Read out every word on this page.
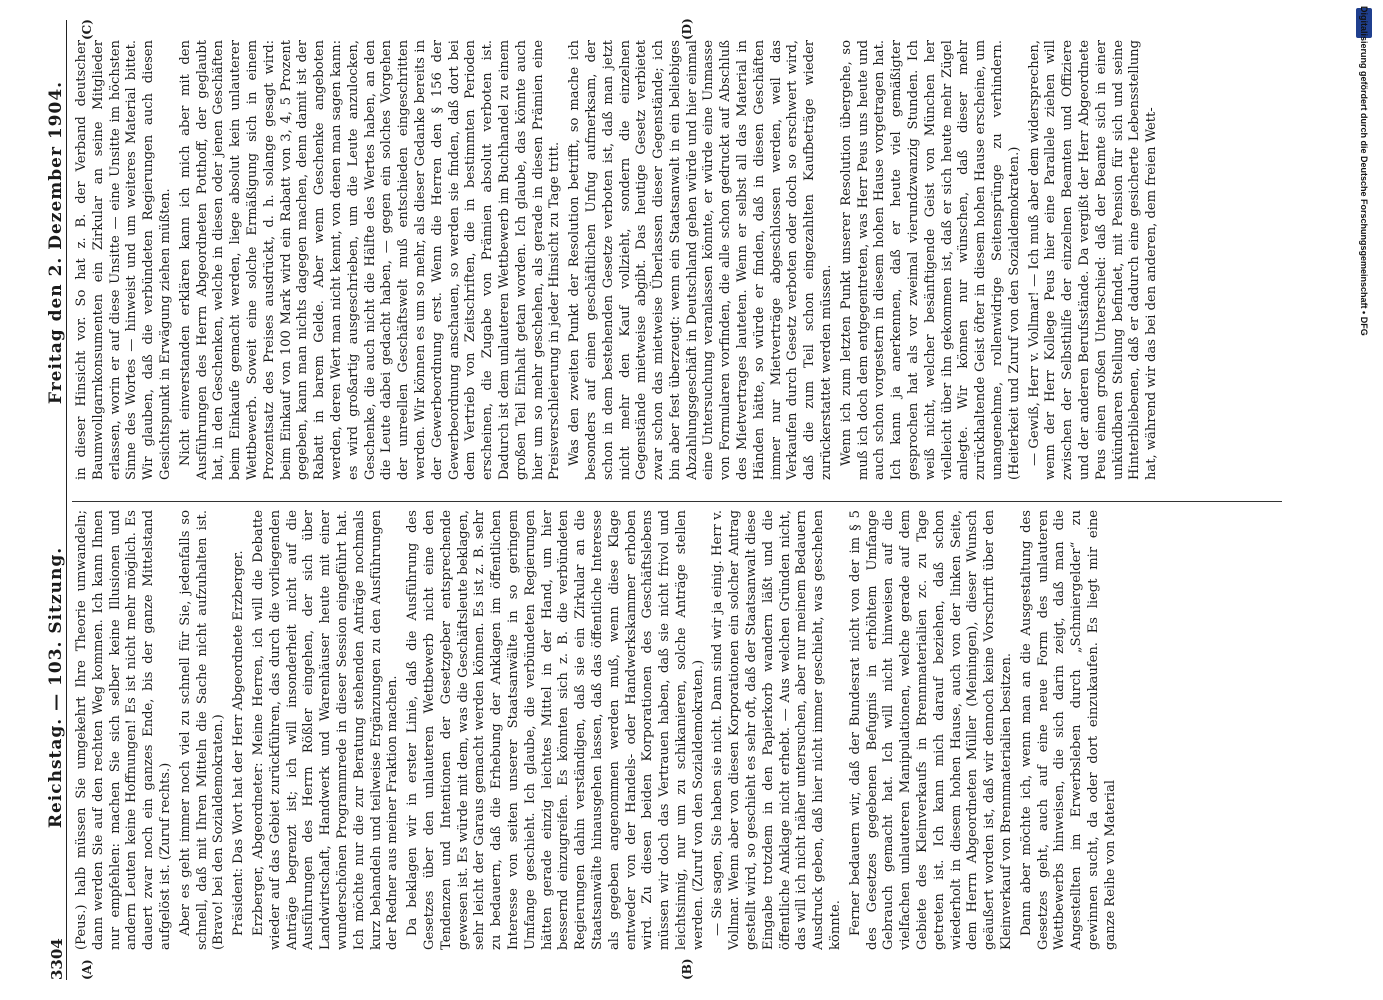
3304
Reichstag. — 103. Sitzung.
Freitag den 2. Dezember 1904.
(A)	(B)
(C)	(D)

(Peus.) halb müssen Sie umgekehrt Ihre Theorie umwandeln; dann werden Sie auf den rechten Weg kommen. Ich kann Ihnen nur empfehlen: machen Sie sich selber keine Illusionen und andern Leuten keine Hoffnungen! Es ist nicht mehr möglich. Es dauert zwar noch ein ganzes Ende, bis der ganze Mittelstand aufgelöst ist. (Zuruf rechts.) Aber es geht immer noch viel zu schnell für Sie, jedenfalls so schnell, daß mit Ihren Mitteln die Sache nicht aufzuhalten ist. (Bravo! bei den Sozialdemokraten.) Präsident: Das Wort hat der Herr Abgeordnete Erzberger. Erzberger, Abgeordneter: Meine Herren, ich will die Debatte wieder auf das Gebiet zurückführen, das durch die vorliegenden Anträge begrenzt ist; ich will insonderheit nicht auf die Ausführungen des Herrn Rößler eingehen, der sich über Landwirtschaft, Handwerk und Warenhäuser heute mit einer wunderschönen Programmrede in dieser Session eingeführt hat. Ich möchte nur die zur Beratung stehenden Anträge nochmals kurz behandeln und teilweise Ergänzungen zu den Ausführungen der Redner aus meiner Fraktion machen. Da beklagen wir in erster Linie, daß die Ausführung des Gesetzes über den unlauteren Wettbewerb nicht eine den Tendenzen und Intentionen der Gesetzgeber entsprechende gewesen ist. Es würde mit dem, was die Geschäftsleute beklagen, sehr leicht der Garaus gemacht werden können. Es ist z. B. sehr zu bedauern, daß die Erhebung der Anklagen im öffentlichen Interesse von seiten unserer Staatsanwälte in so geringem Umfange geschieht. Ich glaube, die verbündeten Regierungen hätten gerade einzig leichtes Mittel in der Hand, um hier bessernd einzugreifen. Es könnten sich z. B. die verbündeten Regierungen dahin verständigen, daß sie ein Zirkular an die Staatsanwälte hinausgehen lassen, daß das öffentliche Interesse als gegeben angenommen werden muß, wenn diese Klage entweder von der Handels- oder Handwerkskammer erhoben wird. Zu diesen beiden Korporationen des Geschäftslebens müssen wir doch das Vertrauen haben, daß sie nicht frivol und leichtsinnig, nur um zu schikanieren, solche Anträge stellen werden. (Zuruf von den Sozialdemokraten.) — Sie sagen, Sie haben sie nicht. Dann sind wir ja einig. Herr v. Vollmar. Wenn aber von diesen Korporationen ein solcher Antrag gestellt wird, so geschieht es sehr oft, daß der Staatsanwalt diese Eingabe trotzdem in den Papierkorb wandern läßt und die öffentliche Anklage nicht erhebt. — Aus welchen Gründen nicht, das will ich nicht näher untersuchen, aber nur meinem Bedauern Ausdruck geben, daß hier nicht immer geschieht, was geschehen könnte. Ferner bedauern wir, daß der Bundesrat nicht von der im § 5 des Gesetzes gegebenen Befugnis in erhöhtem Umfange Gebrauch gemacht hat. Ich will nicht hinweisen auf die vielfachen unlauteren Manipulationen, welche gerade auf dem Gebiete des Kleinverkaufs in Brennmaterialien zc. zu Tage getreten ist. Ich kann mich darauf beziehen, daß schon wiederholt in diesem hohen Hause, auch von der linken Seite, dem Herrn Abgeordneten Müller (Meiningen), dieser Wunsch geäußert worden ist, daß wir dennoch keine Vorschrift über den Kleinverkauf von Brennmaterialien besitzen. Dann aber möchte ich, wenn man an die Ausgestaltung des Gesetzes geht, auch auf eine neue Form des unlauteren Wettbewerbs hinweisen, die sich darin zeigt, daß man die Angestellten im Erwerbsleben durch „Schmiergelder“ zu gewinnen sucht, da oder dort einzukaufen. Es liegt mir eine ganze Reihe von Material

in dieser Hinsicht vor. So hat z. B. der Verband deutscher Baumwollgarnkonsumenten ein Zirkular an seine Mitglieder erlassen, worin er auf diese Unsitte — eine Unsitte im höchsten Sinne des Wortes — hinweist und um weiteres Material bittet. Wir glauben, daß die verbündeten Regierungen auch diesen Gesichtspunkt in Erwägung ziehen müßten. Nicht einverstanden erklären kann ich mich aber mit den Ausführungen des Herrn Abgeordneten Potthoff, der geglaubt hat, in den Geschenken, welche in diesen oder jenen Geschäften beim Einkaufe gemacht werden, liege absolut kein unlauterer Wettbewerb. Soweit eine solche Ermäßigung sich in einem Prozentsatz des Preises ausdrückt, d. h. solange gesagt wird: beim Einkauf von 100 Mark wird ein Rabatt von 3, 4, 5 Prozent gegeben, kann man nichts dagegen machen, denn damit ist der Rabatt in barem Gelde. Aber wenn Geschenke angeboten werden, deren Wert man nicht kennt, von denen man sagen kann: es wird großartig ausgeschrieben, um die Leute anzulocken, Geschenke, die auch nicht die Hälfte des Wertes haben, an den die Leute dabei gedacht haben, — gegen ein solches Vorgehen der unreellen Geschäftswelt muß entschieden eingeschritten werden. Wir können es um so mehr, als dieser Gedanke bereits in der Gewerbeordnung erst. Wenn die Herren den § 156 der Gewerbeordnung anschauen, so werden sie finden, daß dort bei dem Vertrieb von Zeitschriften, die in bestimmten Perioden erscheinen, die Zugabe von Prämien absolut verboten ist. Dadurch ist dem unlauteren Wettbewerb im Buchhandel zu einem großen Teil Einhalt getan worden. Ich glaube, das könnte auch hier um so mehr geschehen, als gerade in diesen Prämien eine Preisverschleierung in jeder Hinsicht zu Tage tritt. Was den zweiten Punkt der Resolution betrifft, so mache ich besonders auf einen geschäftlichen Unfug aufmerksam, der schon in dem bestehenden Gesetze verboten ist, daß man jetzt nicht mehr den Kauf vollzieht, sondern die einzelnen Gegenstände mietweise abgibt. Das heutige Gesetz verbietet zwar schon das mietweise Überlassen dieser Gegenstände; ich bin aber fest überzeugt: wenn ein Staatsanwalt in ein beliebiges Abzahlungsgeschäft in Deutschland gehen würde und hier einmal eine Untersuchung veranlassen könnte, er würde eine Unmasse von Formularen vorfinden, die alle schon gedruckt auf Abschluß des Mietvertrages lauteten. Wenn er selbst all das Material in Händen hätte, so würde er finden, daß in diesen Geschäften immer nur Mietverträge abgeschlossen werden, weil das Verkaufen durch Gesetz verboten oder doch so erschwert wird, daß die zum Teil schon eingezahlten Kaufbeträge wieder zurückerstattet werden müssen. Wenn ich zum letzten Punkt unserer Resolution übergehe, so muß ich doch dem entgegentreten, was Herr Peus uns heute und auch schon vorgestern in diesem hohen Hause vorgetragen hat. Ich kann ja anerkennen, daß er heute viel gemäßigter gesprochen hat als vor zweimal vierundzwanzig Stunden. Ich weiß nicht, welcher besänftigende Geist von München her vielleicht über ihn gekommen ist, daß er sich heute mehr Zügel anlegte. Wir können nur wünschen, daß dieser mehr zurückhaltende Geist öfter in diesem hohen Hause erscheine, um unangenehme, rollenwidrige Seitensprünge zu verhindern. (Heiterkeit und Zuruf von den Sozialdemokraten.) — Gewiß, Herr v. Vollmar! — Ich muß aber dem widersprechen, wenn der Herr Kollege Peus hier eine Parallele ziehen will zwischen der Selbsthilfe der einzelnen Beamten und Offiziere und der anderen Berufsstände. Da vergißt der Herr Abgeordnete Peus einen großen Unterschied: daß der Beamte sich in einer unkündbaren Stellung befindet, mit Pension für sich und seine Hinterbliebenen, daß er dadurch eine gesicherte Lebensstellung hat, während wir das bei den anderen, dem freien Wett-	Digitalisierung gefördert durch die Deutsche Forschungsgemeinschaft • DFG
